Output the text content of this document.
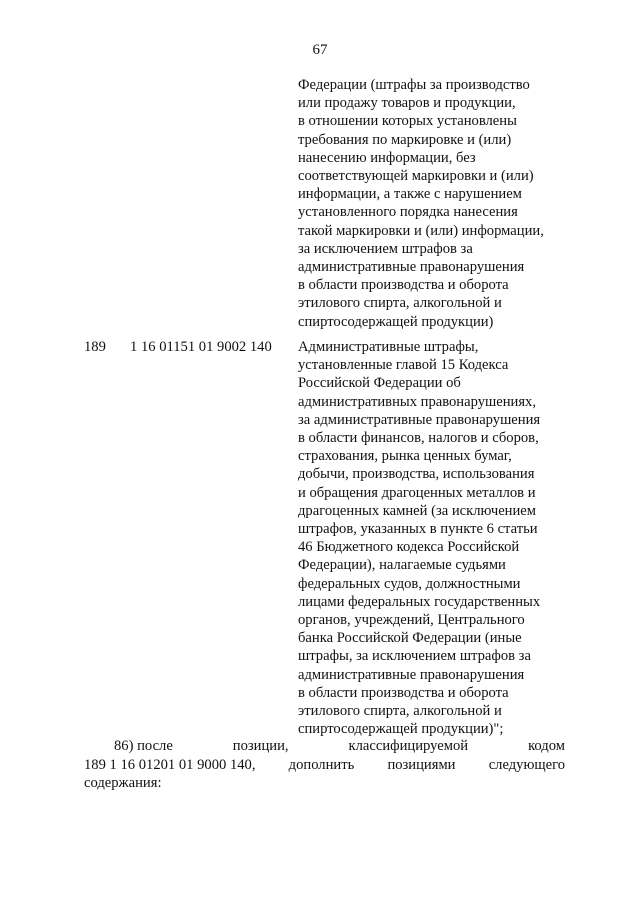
67
Федерации (штрафы за производство
или продажу товаров и продукции,
в отношении которых установлены
требования по маркировке и (или)
нанесению информации, без
соответствующей маркировки и (или)
информации, а также с нарушением
установленного порядка нанесения
такой маркировки и (или) информации,
за исключением штрафов за
административные правонарушения
в области производства и оборота
этилового спирта, алкогольной и
спиртосодержащей продукции)
189 1 16 01151 01 9002 140 Административные штрафы,
установленные главой 15 Кодекса
Российской Федерации об
административных правонарушениях,
за административные правонарушения
в области финансов, налогов и сборов,
страхования, рынка ценных бумаг,
добычи, производства, использования
и обращения драгоценных металлов и
драгоценных камней (за исключением
штрафов, указанных в пункте 6 статьи
46 Бюджетного кодекса Российской
Федерации), налагаемые судьями
федеральных судов, должностными
лицами федеральных государственных
органов, учреждений, Центрального
банка Российской Федерации (иные
штрафы, за исключением штрафов за
административные правонарушения
в области производства и оборота
этилового спирта, алкогольной и
спиртосодержащей продукции)";
86) после	позиции,	классифицируемой	кодом
189 1 16 01201 01 9000 140, дополнить позициями следующего
содержания:
